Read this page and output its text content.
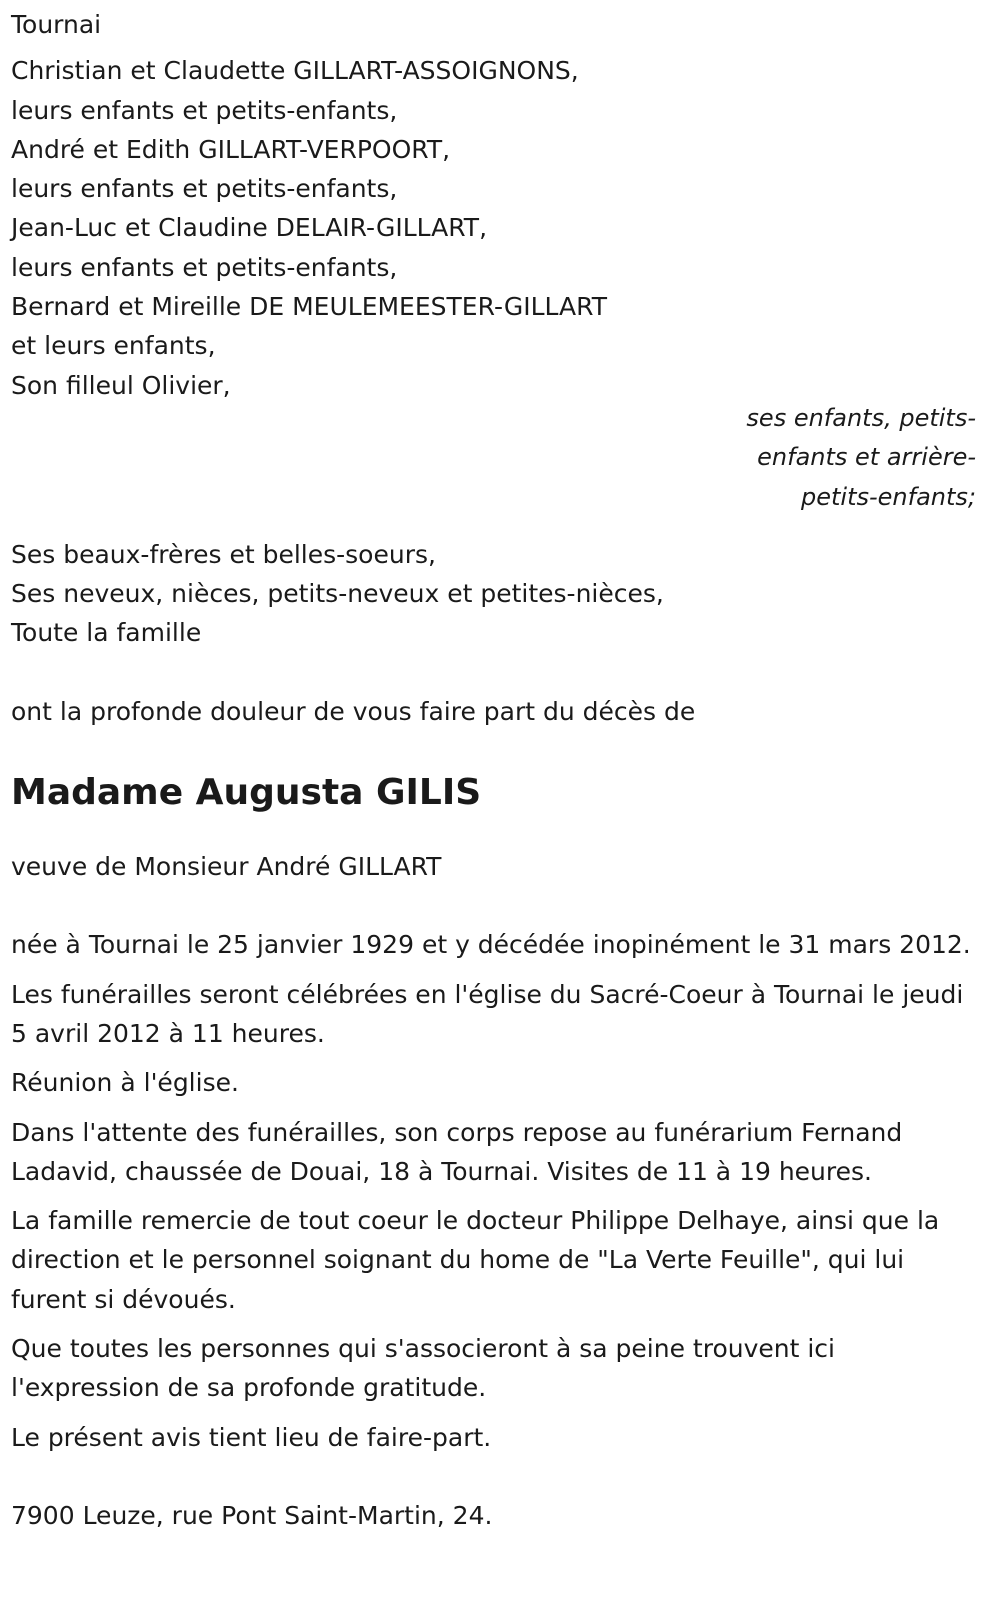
Tournai
Christian et Claudette GILLART-ASSOIGNONS,
leurs enfants et petits-enfants,
André et Edith GILLART-VERPOORT,
leurs enfants et petits-enfants,
Jean-Luc et Claudine DELAIR-GILLART,
leurs enfants et petits-enfants,
Bernard et Mireille DE MEULEMEESTER-GILLART
et leurs enfants,
Son filleul Olivier,
ses enfants, petits-enfants et arrière-petits-enfants;
Ses beaux-frères et belles-soeurs,
Ses neveux, nièces, petits-neveux et petites-nièces,
Toute la famille
ont la profonde douleur de vous faire part du décès de
Madame Augusta GILIS
veuve de Monsieur André GILLART
née à Tournai le 25 janvier 1929 et y décédée inopinément le 31 mars 2012.
Les funérailles seront célébrées en l'église du Sacré-Coeur à Tournai le jeudi 5 avril 2012 à 11 heures.
Réunion à l'église.
Dans l'attente des funérailles, son corps repose au funérarium Fernand Ladavid, chaussée de Douai, 18 à Tournai. Visites de 11 à 19 heures.
La famille remercie de tout coeur le docteur Philippe Delhaye, ainsi que la direction et le personnel soignant du home de "La Verte Feuille", qui lui furent si dévoués.
Que toutes les personnes qui s'associeront à sa peine trouvent ici l'expression de sa profonde gratitude.
Le présent avis tient lieu de faire-part.
7900 Leuze, rue Pont Saint-Martin, 24.
